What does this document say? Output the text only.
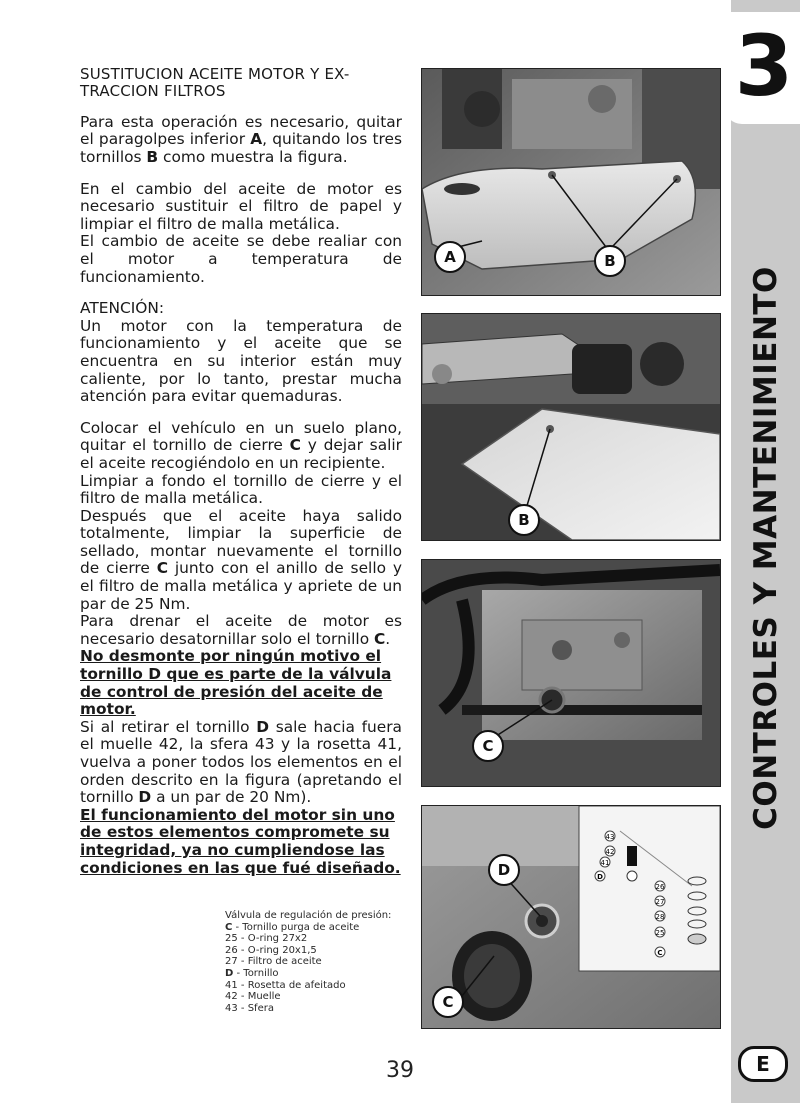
3
CONTROLES Y MANTENIMIENTO
E

SUSTITUCION ACEITE MOTOR Y EX-
TRACCION FILTROS

Para esta operación es necesario, quitar el paragolpes inferior A, quitando los tres tornillos B como muestra la figura.

En el cambio del aceite de motor es necesario sustituir el filtro de papel y limpiar el filtro de malla metálica.

El cambio de aceite se debe realiar con el motor a temperatura de funcionamiento.

ATENCIÓN:

Un motor con la temperatura de funcionamiento y el aceite que se encuentra en su interior están muy caliente, por lo tanto, prestar mucha atención para evitar quemaduras.

Colocar el vehículo en un suelo plano, quitar el tornillo de cierre C y dejar salir el aceite recogiéndolo en un recipiente.

Limpiar a fondo el tornillo de cierre y el filtro de malla metálica.

Después que el aceite haya salido totalmente, limpiar la superficie de sellado, montar nuevamente el tornillo de cierre C junto con el anillo de sello y el filtro de malla metálica y apriete de un par de 25 Nm.

Para drenar el aceite de motor es necesario desatornillar solo el tornillo C.

No desmonte por ningún motivo el tornillo D que es parte de la válvula de control de presión del aceite de motor.

Si al retirar el tornillo D sale hacia fuera el muelle 42, la sfera 43 y la rosetta 41, vuelva a poner todos los elementos en el orden descrito en la figura (apretando el tornillo D a un par de 20 Nm).

El funcionamiento del motor sin uno de estos elementos compromete su integridad, ya no cumpliendose las condiciones en las que fué diseñado.

Válvula de regulación de presión:
C - Tornillo purga de aceite
25 - O-ring 27x2
26 - O-ring 20x1,5
27 - Filtro de aceite
D - Tornillo
41 - Rosetta de afeitado
42 - Muelle
43 - Sfera
39
A	B
B
C
43
42
41
D
26
27
28
25
C
D
C
